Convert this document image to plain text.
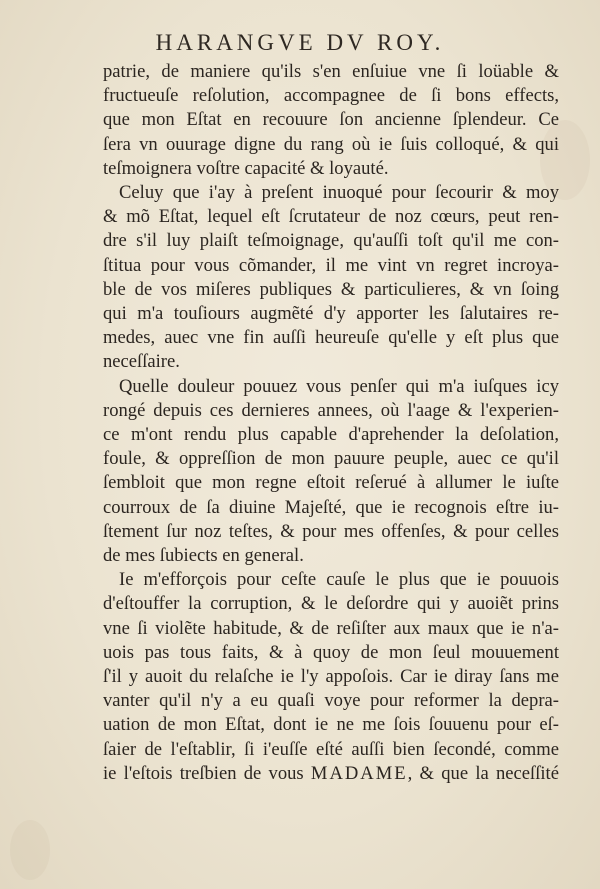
HARANGVE DV ROY.
patrie, de maniere qu'ils s'en enſuiue vne ſi loüable &
fructueuſe reſolution, accompagnee de ſi bons effects,
que mon Eſtat en recouure ſon ancienne ſplendeur. Ce
ſera vn ouurage digne du rang où ie ſuis colloqué, & qui
teſmoignera voſtre capacité & loyauté.
Celuy que i'ay à preſent inuoqué pour ſecourir & moy
& mõ Eſtat, lequel eſt ſcrutateur de noz cœurs, peut ren-
dre s'il luy plaiſt teſmoignage, qu'auſſi toſt qu'il me con-
ſtitua pour vous cõmander, il me vint vn regret incroya-
ble de vos miſeres publiques & particulieres, & vn ſoing
qui m'a touſiours augmẽté d'y apporter les ſalutaires re-
medes, auec vne fin auſſi heureuſe qu'elle y eſt plus que
neceſſaire.
Quelle douleur pouuez vous penſer qui m'a iuſques icy
rongé depuis ces dernieres annees, où l'aage & l'experien-
ce m'ont rendu plus capable d'aprehender la deſolation,
foule, & oppreſſion de mon pauure peuple, auec ce qu'il
ſembloit que mon regne eſtoit reſerué à allumer le iuſte
courroux de ſa diuine Majeſté, que ie recognois eſtre iu-
ſtement ſur noz teſtes, & pour mes offenſes, & pour celles
de mes ſubiects en general.
Ie m'efforçois pour ceſte cauſe le plus que ie pouuois
d'eſtouffer la corruption, & le deſordre qui y auoiẽt prins
vne ſi violẽte habitude, & de reſiſter aux maux que ie n'a-
uois pas tous faits, & à quoy de mon ſeul mouuement
ſ'il y auoit du relaſche ie l'y appoſois. Car ie diray ſans me
vanter qu'il n'y a eu quaſi voye pour reformer la depra-
uation de mon Eſtat, dont ie ne me ſois ſouuenu pour eſ-
ſaier de l'eſtablir, ſi i'euſſe eſté auſſi bien ſecondé, comme
ie l'eſtois treſbien de vous MADAME, & que la neceſſité
